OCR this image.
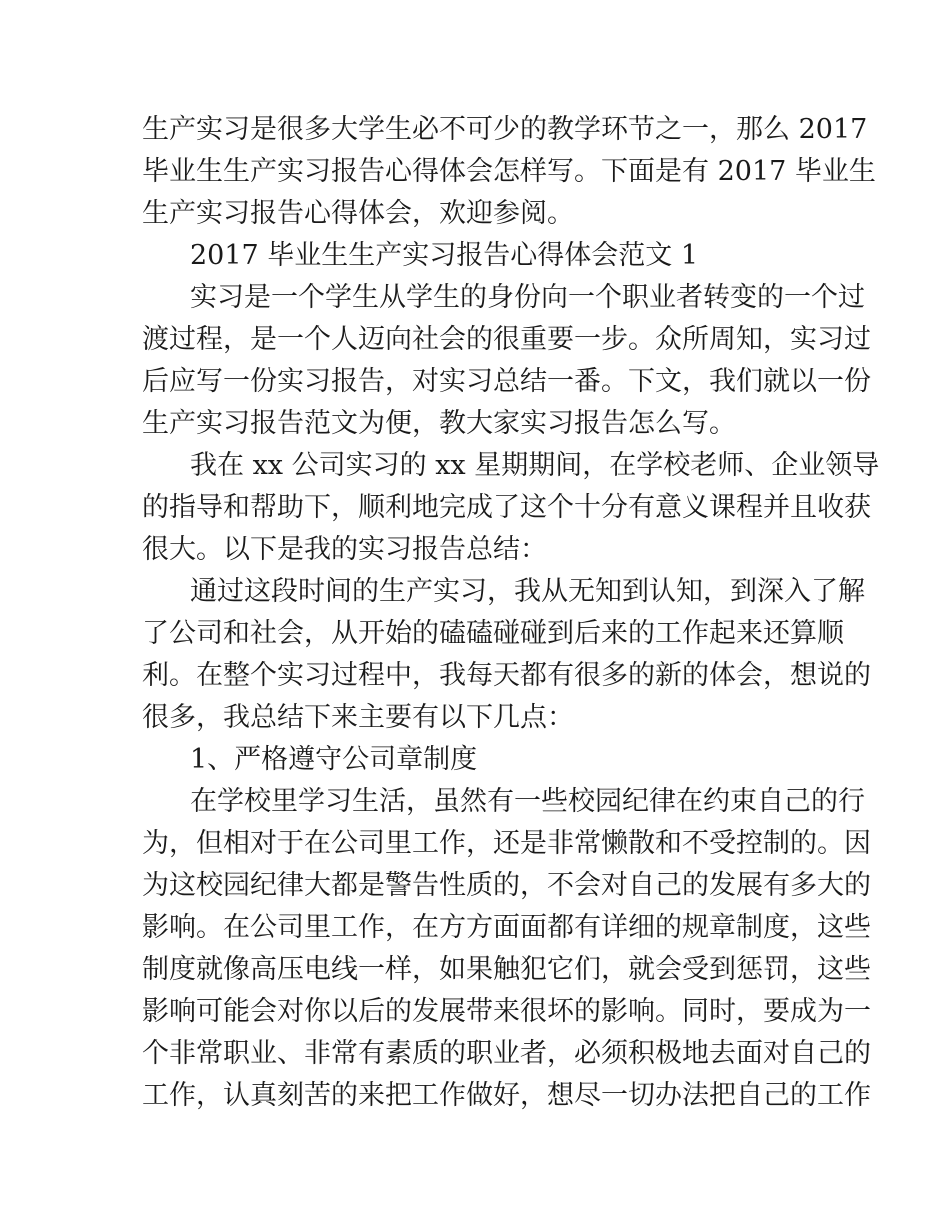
生产实习是很多大学生必不可少的教学环节之一，那么 2017
毕业生生产实习报告心得体会怎样写。下面是有 2017 毕业生
生产实习报告心得体会，欢迎参阅。
2017 毕业生生产实习报告心得体会范文 1
实习是一个学生从学生的身份向一个职业者转变的一个过
渡过程，是一个人迈向社会的很重要一步。众所周知，实习过
后应写一份实习报告，对实习总结一番。下文，我们就以一份
生产实习报告范文为便，教大家实习报告怎么写。
我在 xx 公司实习的 xx 星期期间，在学校老师、企业领导
的指导和帮助下，顺利地完成了这个十分有意义课程并且收获
很大。以下是我的实习报告总结：
通过这段时间的生产实习，我从无知到认知，到深入了解
了公司和社会，从开始的磕磕碰碰到后来的工作起来还算顺
利。在整个实习过程中，我每天都有很多的新的体会，想说的
很多，我总结下来主要有以下几点：
1、严格遵守公司章制度
在学校里学习生活，虽然有一些校园纪律在约束自己的行
为，但相对于在公司里工作，还是非常懒散和不受控制的。因
为这校园纪律大都是警告性质的，不会对自己的发展有多大的
影响。在公司里工作，在方方面面都有详细的规章制度，这些
制度就像高压电线一样，如果触犯它们，就会受到惩罚，这些
影响可能会对你以后的发展带来很坏的影响。同时，要成为一
个非常职业、非常有素质的职业者，必须积极地去面对自己的
工作，认真刻苦的来把工作做好，想尽一切办法把自己的工作
